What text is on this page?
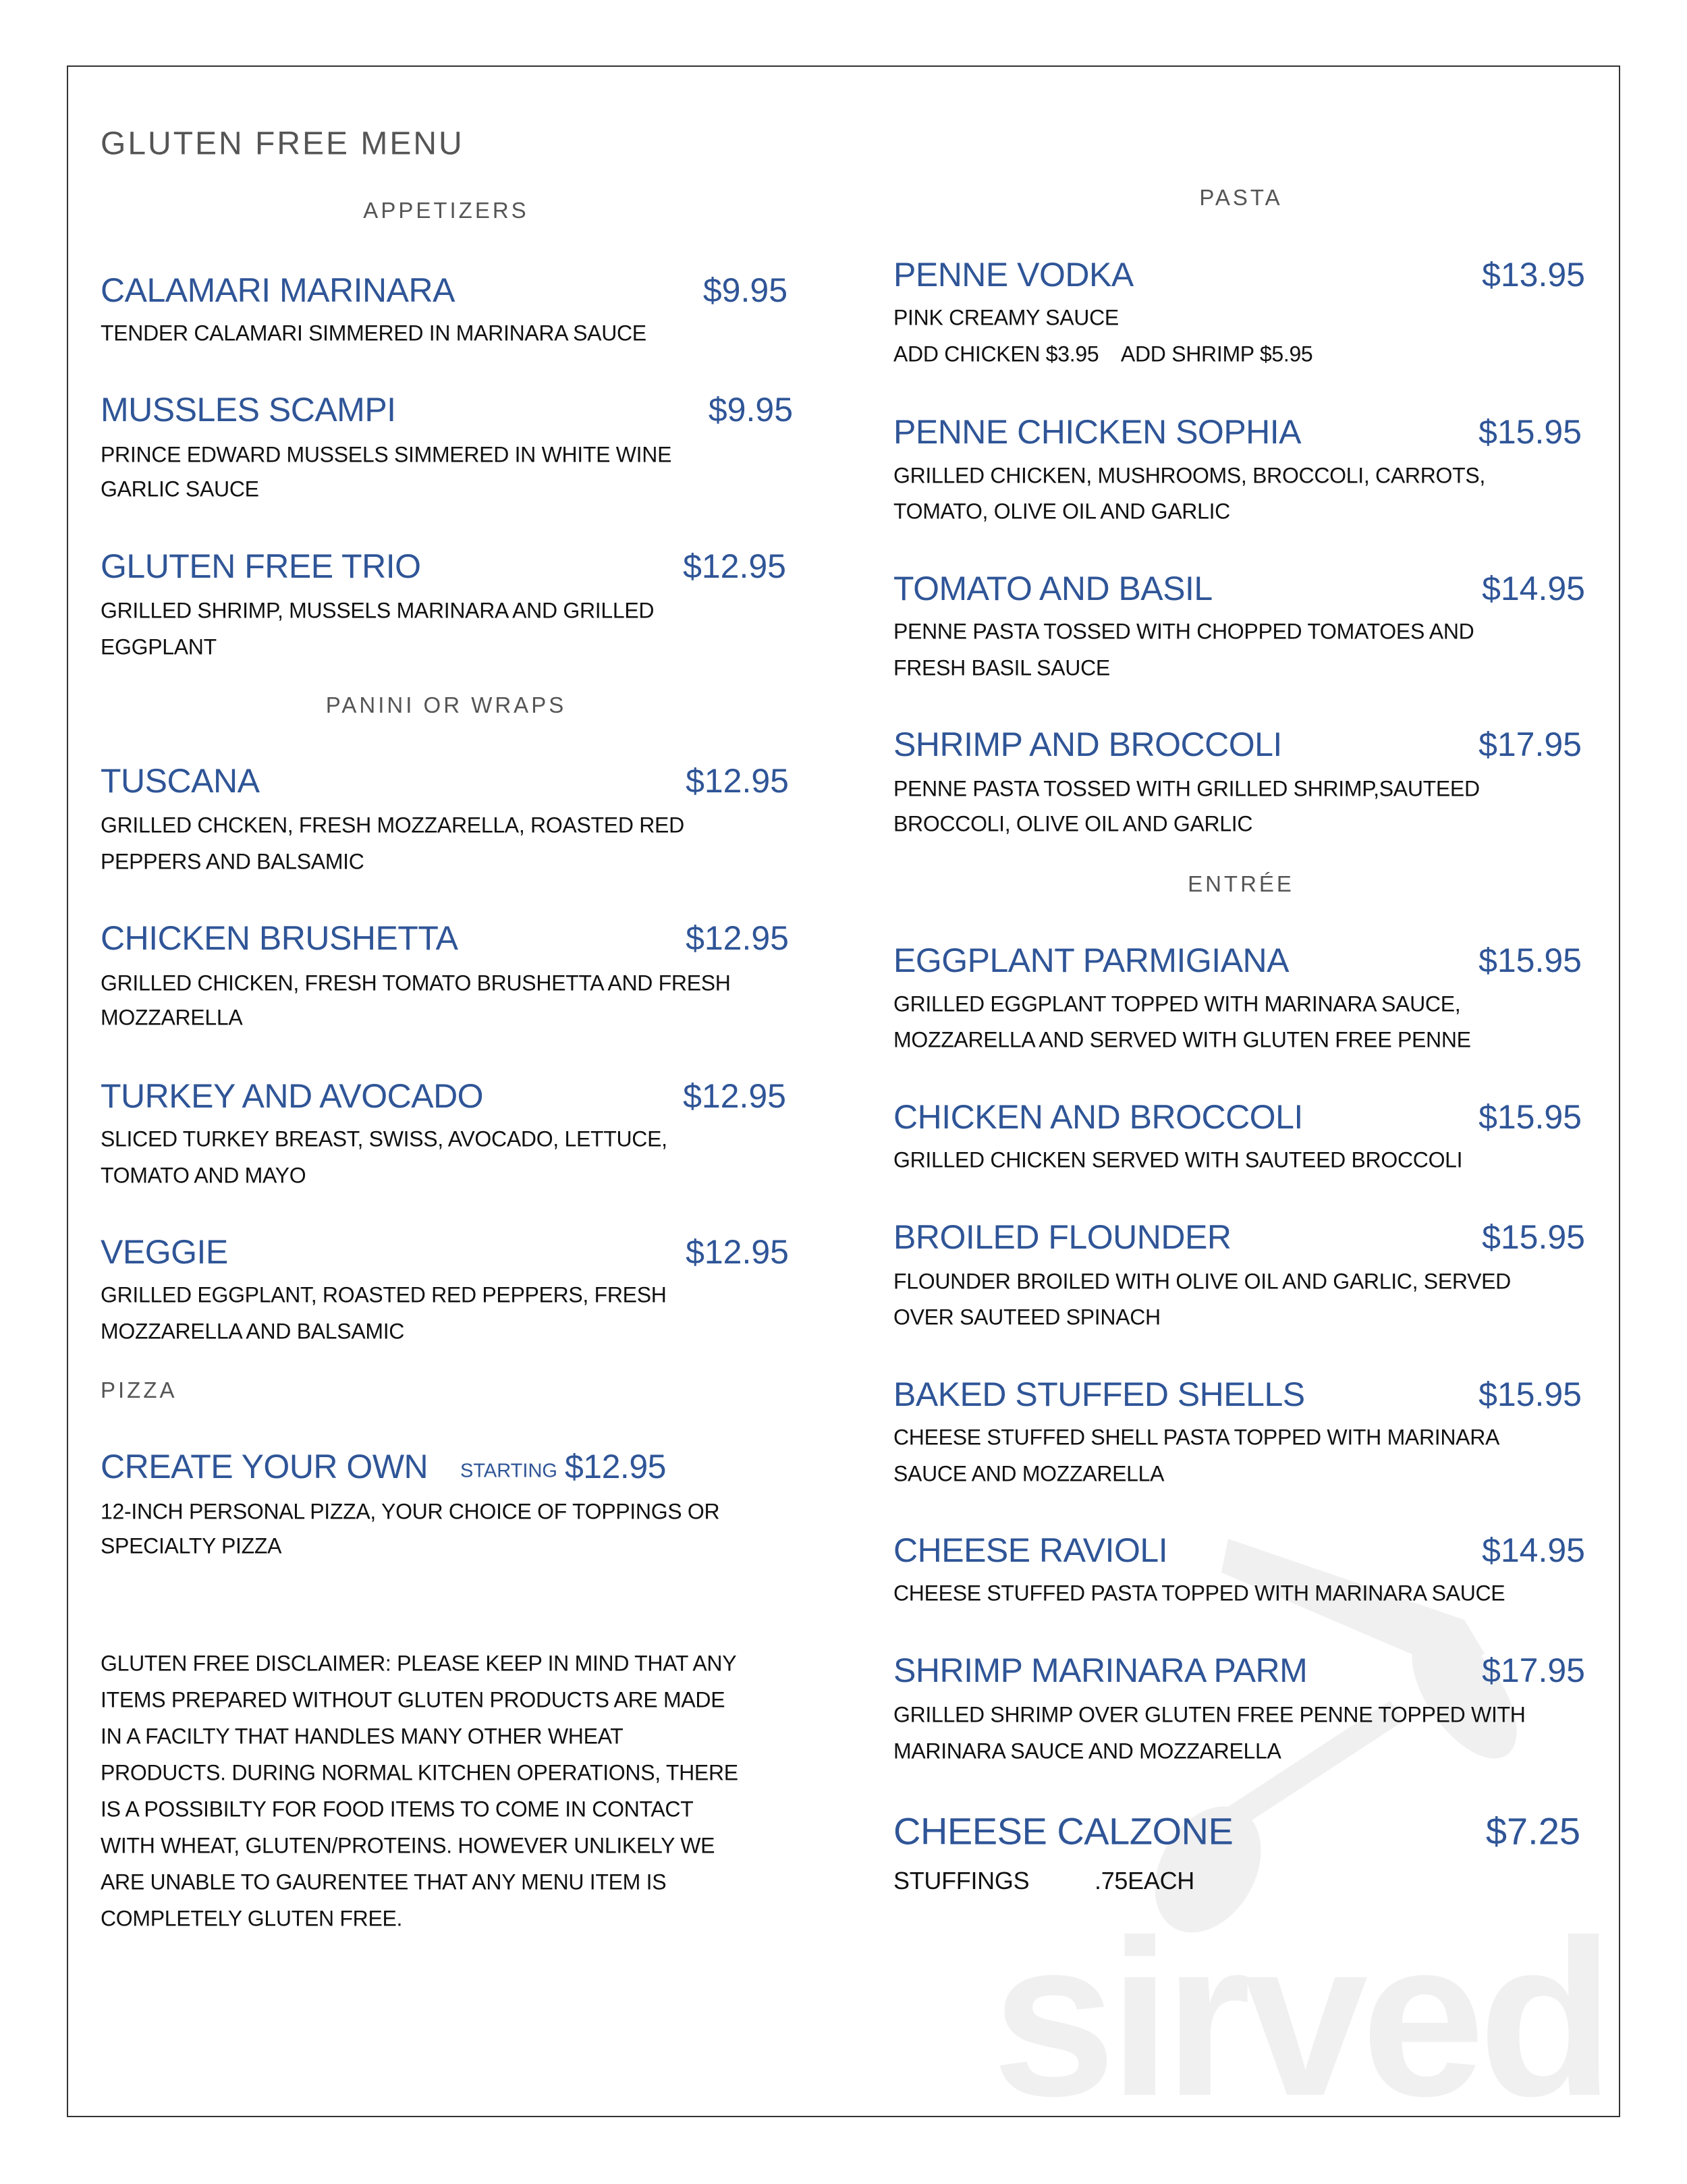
sirved
GLUTEN FREE MENU
APPETIZERS
CALAMARI MARINARA	$9.95
TENDER CALAMARI SIMMERED IN MARINARA SAUCE
MUSSLES SCAMPI	$9.95
PRINCE EDWARD MUSSELS SIMMERED IN WHITE WINE
GARLIC SAUCE
GLUTEN FREE TRIO	$12.95
GRILLED SHRIMP, MUSSELS MARINARA AND GRILLED
EGGPLANT
PANINI OR WRAPS
TUSCANA	$12.95
GRILLED CHCKEN, FRESH MOZZARELLA, ROASTED RED
PEPPERS AND BALSAMIC
CHICKEN BRUSHETTA	$12.95
GRILLED CHICKEN, FRESH TOMATO BRUSHETTA AND FRESH
MOZZARELLA
TURKEY AND AVOCADO	$12.95
SLICED TURKEY BREAST, SWISS, AVOCADO, LETTUCE,
TOMATO AND MAYO
VEGGIE	$12.95
GRILLED EGGPLANT, ROASTED RED PEPPERS, FRESH
MOZZARELLA AND BALSAMIC
PIZZA
CREATE YOUR OWN STARTING $12.95
12-INCH PERSONAL PIZZA, YOUR CHOICE OF TOPPINGS OR
SPECIALTY PIZZA
GLUTEN FREE DISCLAIMER: PLEASE KEEP IN MIND THAT ANY
ITEMS PREPARED WITHOUT GLUTEN PRODUCTS ARE MADE
IN A FACILTY THAT HANDLES MANY OTHER WHEAT
PRODUCTS. DURING NORMAL KITCHEN OPERATIONS, THERE
IS A POSSIBILTY FOR FOOD ITEMS TO COME IN CONTACT
WITH WHEAT, GLUTEN/PROTEINS. HOWEVER UNLIKELY WE
ARE UNABLE TO GAURENTEE THAT ANY MENU ITEM IS
COMPLETELY GLUTEN FREE.
PASTA
PENNE VODKA	$13.95
PINK CREAMY SAUCE
ADD CHICKEN $3.95    ADD SHRIMP $5.95
PENNE CHICKEN SOPHIA	$15.95
GRILLED CHICKEN, MUSHROOMS, BROCCOLI, CARROTS,
TOMATO, OLIVE OIL AND GARLIC
TOMATO AND BASIL	$14.95
PENNE PASTA TOSSED WITH CHOPPED TOMATOES AND
FRESH BASIL SAUCE
SHRIMP AND BROCCOLI	$17.95
PENNE PASTA TOSSED WITH GRILLED SHRIMP,SAUTEED
BROCCOLI, OLIVE OIL AND GARLIC
ENTRÉE
EGGPLANT PARMIGIANA	$15.95
GRILLED EGGPLANT TOPPED WITH MARINARA SAUCE,
MOZZARELLA AND SERVED WITH GLUTEN FREE PENNE
CHICKEN AND BROCCOLI	$15.95
GRILLED CHICKEN SERVED WITH SAUTEED BROCCOLI
BROILED FLOUNDER	$15.95
FLOUNDER BROILED WITH OLIVE OIL AND GARLIC, SERVED
OVER SAUTEED SPINACH
BAKED STUFFED SHELLS	$15.95
CHEESE STUFFED SHELL PASTA TOPPED WITH MARINARA
SAUCE AND MOZZARELLA
CHEESE RAVIOLI	$14.95
CHEESE STUFFED PASTA TOPPED WITH MARINARA SAUCE
SHRIMP MARINARA PARM	$17.95
GRILLED SHRIMP OVER GLUTEN FREE PENNE TOPPED WITH
MARINARA SAUCE AND MOZZARELLA
CHEESE CALZONE	$7.25
STUFFINGS	.75EACH
